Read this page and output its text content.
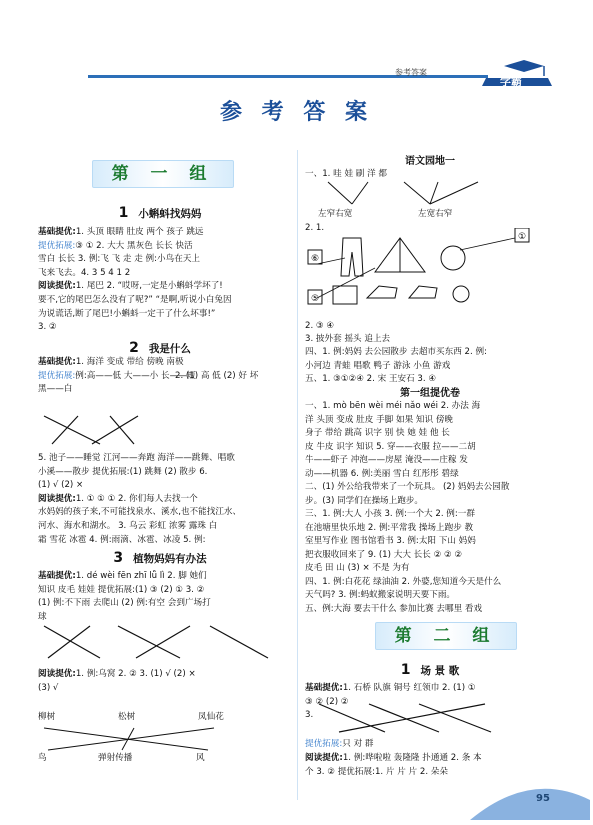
参考答案
学霸
参 考 答 案
第 一 组
1 小蝌蚪找妈妈
基础提优:1. 头顶 眼睛 肚皮 两个 孩子 跳远
提优拓展:③ ① 2. 大大 黑灰色 长长 快活
雪白 长长 3. 例:飞 飞 走 走 例:小鸟在天上
飞来飞去。4. 3 5 4 1 2
阅读提优:1. 尾巴 2. “哎呀,一定是小蝌蚪学坏了!
要不,它的尾巴怎么没有了呢?” “是啊,听说小白兔因
为说谎话,断了尾巴!小蝌蚪一定干了什么坏事!”
3. ②
2 我是什么
基础提优:1. 海洋 变成 带给 傍晚 南极
提优拓展:例:高——低 大——小 长——短
黑——白
2. (1) 高 低 (2) 好 坏
5. 池子——睡觉 江河——奔跑 海洋——跳舞、唱歌
小溪——散步 提优拓展:(1) 跳舞 (2) 散步 6.
(1) √ (2) ×
阅读提优:1. ① ① ① 2. 你们每人去找一个
水妈妈的孩子来,不可能找泉水、溪水,也不能找江水、
河水、海水和湖水。 3. 乌云 彩虹 浓雾 露珠 白
霜 雪花 冰雹 4. 例:雨滴、冰雹、冰凌 5. 例:
3 植物妈妈有办法
基础提优:1. dé wèi fēn zhī lǚ lì 2. 脚 她们
知识 皮毛 娃娃 提优拓展:(1) ③ (2) ① 3. ②
(1) 例:不下雨 去爬山 (2) 例:有空 会到广场打
球
阅读提优:1. 例:乌窝 2. ② 3. (1) √ (2) ×
(3) √
柳树	松树	凤仙花
鸟	弹射传播	风
语文园地一
一、1. 哇 娃 刷 洋 都
左窄右宽	左宽右窄
2. 1.
⑥
⑤
①
2. ③ ④
3. 披外套 摇头 追上去
四、1. 例:妈妈 去公园散步 去超市买东西 2. 例:
小河边 青蛙 唱歌 鸭子 游泳 小鱼 游戏
五、1. ③①②④ 2. 宋 王安石 3. ④
第一组提优卷
一、1. mò bēn wèi méi nǎo wéi 2. 办法 海
洋 头顶 变成 肚皮 手脚 如果 知识 傍晚
身子 带给 跳高 识字 别 快 她 娃 他 长
皮 牛皮 识字 知识 5. 穿——衣服 拉——二胡
牛——虾子 冲泡——房屋 淹没——庄稼 发
动——机器 6. 例:美丽 雪白 红彤彤 碧绿
二、(1) 外公给我带来了一个玩具。 (2) 妈妈去公园散
步。(3) 同学们在操场上跑步。
三、1. 例:大人 小孩 3. 例:一个大 2. 例:一群
在池塘里快乐地 2. 例:平常我 操场上跑步 教
室里写作业 图书馆看书 3. 例:太阳 下山 妈妈
把衣服收回来了 9. (1) 大大 长长 ② ② ②
皮毛 田 山 (3) × 不是 为有
四、1. 例:白花花 绿油油 2. 外婆,您知道今天是什么
天气吗? 3. 例:蚂蚁搬家说明天要下雨。
五、例:大海 要去干什么 参加比赛 去哪里 看戏
第 二 组
1 场 景 歌
基础提优:1. 石桥 队旗 铜号 红领巾 2. (1) ①
③ ② (2) ②
3.
提优拓展:只 对 群
阅读提优:1. 例:哗啦啦 轰隆隆 扑通通 2. 条 本
个 3. ② 提优拓展:1. 片 片 片 2. 朵朵
